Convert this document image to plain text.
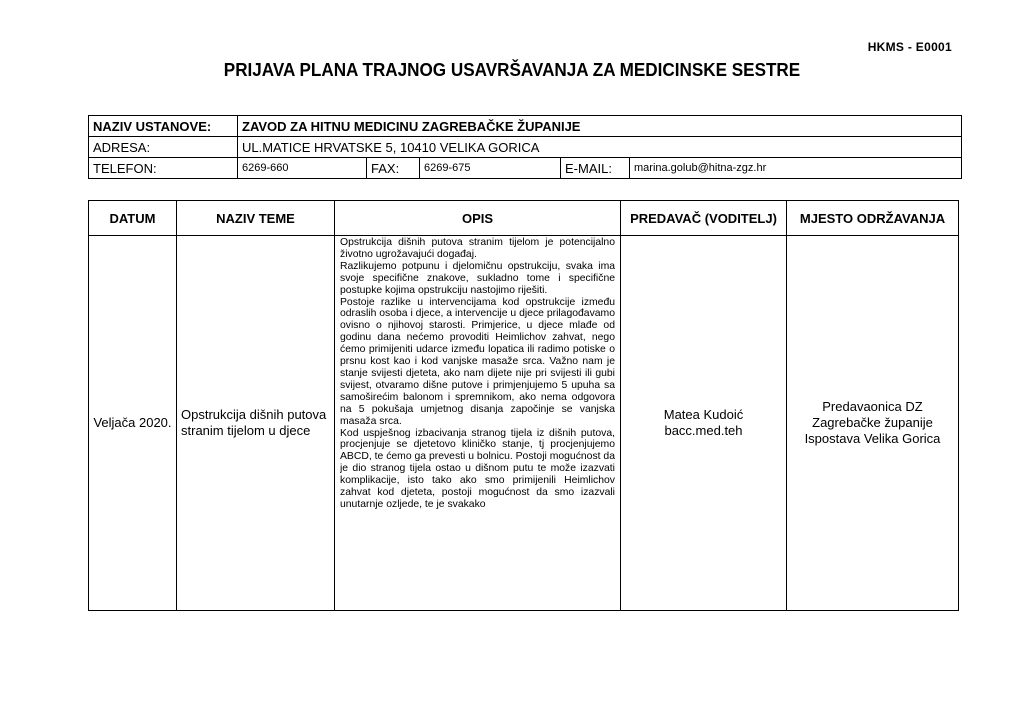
HKMS - E0001
PRIJAVA PLANA TRAJNOG USAVRŠAVANJA ZA MEDICINSKE SESTRE
NAZIV USTANOVE:	ZAVOD ZA HITNU MEDICINU ZAGREBAČKE ŽUPANIJE				
ADRESA:	UL.MATICE HRVATSKE 5, 10410 VELIKA GORICA				
TELEFON:	6269-660	FAX:	6269-675	E-MAIL:	marina.golub@hitna-zgz.hr
DATUM	NAZIV TEME	OPIS	PREDAVAČ (VODITELJ)	MJESTO ODRŽAVANJA
Veljača 2020.	Opstrukcija dišnih putova stranim tijelom u djece	Opstrukcija dišnih putova stranim tijelom je potencijalno životno ugrožavajući događaj.

Razlikujemo potpunu i djelomičnu opstrukciju, svaka ima svoje specifične znakove, sukladno tome i specifične postupke kojima opstrukciju nastojimo riješiti.

Postoje razlike u intervencijama kod opstrukcije između odraslih osoba i djece, a intervencije u djece prilagođavamo ovisno o njihovoj starosti. Primjerice, u djece mlađe od godinu dana nećemo provoditi Heimlichov zahvat, nego ćemo primijeniti udarce između lopatica ili radimo potiske o prsnu kost kao i kod vanjske masaže srca. Važno nam je stanje svijesti djeteta, ako nam dijete nije pri svijesti ili gubi svijest, otvaramo dišne putove i primjenjujemo 5 upuha sa samoširećim balonom i spremnikom, ako nema odgovora na 5 pokušaja umjetnog disanja započinje se vanjska masaža srca.

Kod uspješnog izbacivanja stranog tijela iz dišnih putova, procjenjuje se djetetovo kliničko stanje, tj procjenjujemo ABCD, te ćemo ga prevesti u bolnicu. Postoji mogućnost da je dio stranog tijela ostao u dišnom putu te može izazvati komplikacije, isto tako ako smo primijenili Heimlichov zahvat kod djeteta, postoji mogućnost da smo izazvali unutarnje ozljede, te je svakako	Matea Kudoić bacc.med.teh	Predavaonica DZ Zagrebačke županije Ispostava Velika Gorica
